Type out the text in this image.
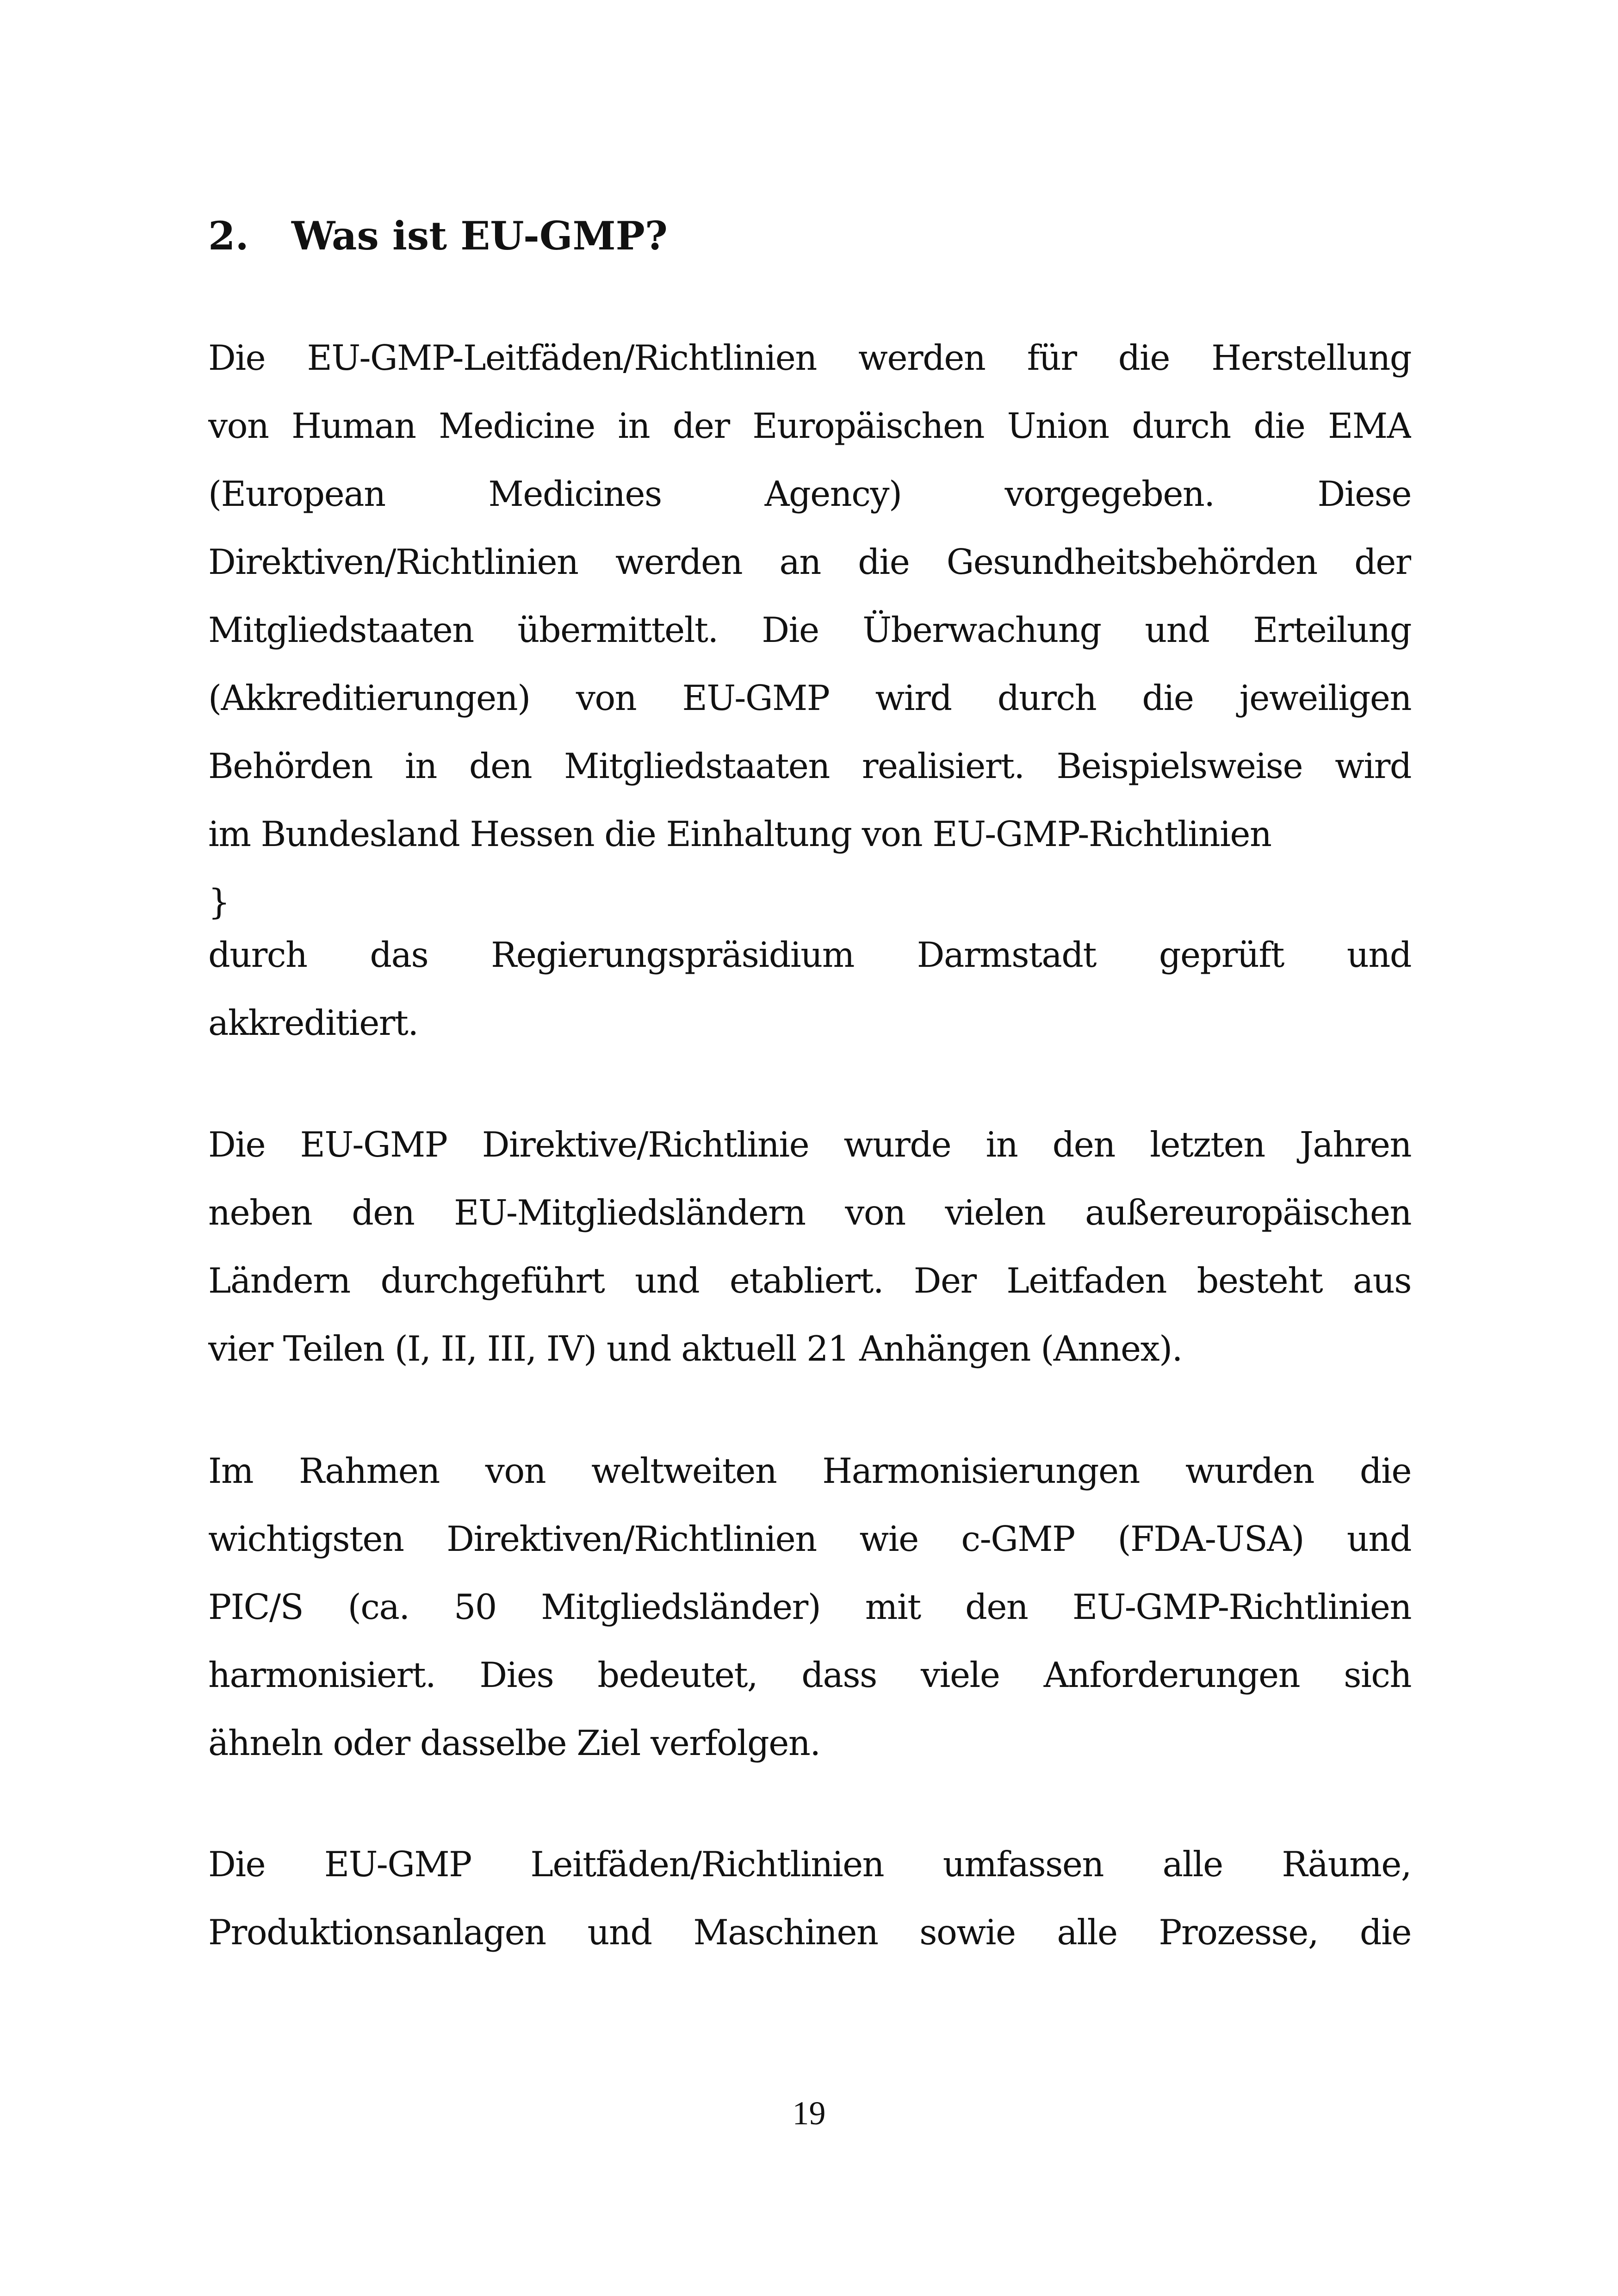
2. Was ist EU-GMP?
Die EU-GMP-Leitfäden/Richtlinien werden für die Herstellung
von Human Medicine in der Europäischen Union durch die EMA
(European Medicines Agency) vorgegeben. Diese
Direktiven/Richtlinien werden an die Gesundheitsbehörden der
Mitgliedstaaten übermittelt. Die Überwachung und Erteilung
(Akkreditierungen) von EU-GMP wird durch die jeweiligen
Behörden in den Mitgliedstaaten realisiert. Beispielsweise wird
im Bundesland Hessen die Einhaltung von EU-GMP-Richtlinien
}
durch das Regierungspräsidium Darmstadt geprüft und
akkreditiert.
Die EU-GMP Direktive/Richtlinie wurde in den letzten Jahren
neben den EU-Mitgliedsländern von vielen außereuropäischen
Ländern durchgeführt und etabliert. Der Leitfaden besteht aus
vier Teilen (I, II, III, IV) und aktuell 21 Anhängen (Annex).
Im Rahmen von weltweiten Harmonisierungen wurden die
wichtigsten Direktiven/Richtlinien wie c-GMP (FDA-USA) und
PIC/S (ca. 50 Mitgliedsländer) mit den EU-GMP-Richtlinien
harmonisiert. Dies bedeutet, dass viele Anforderungen sich
ähneln oder dasselbe Ziel verfolgen.
Die EU-GMP Leitfäden/Richtlinien umfassen alle Räume,
Produktionsanlagen und Maschinen sowie alle Prozesse, die
19
